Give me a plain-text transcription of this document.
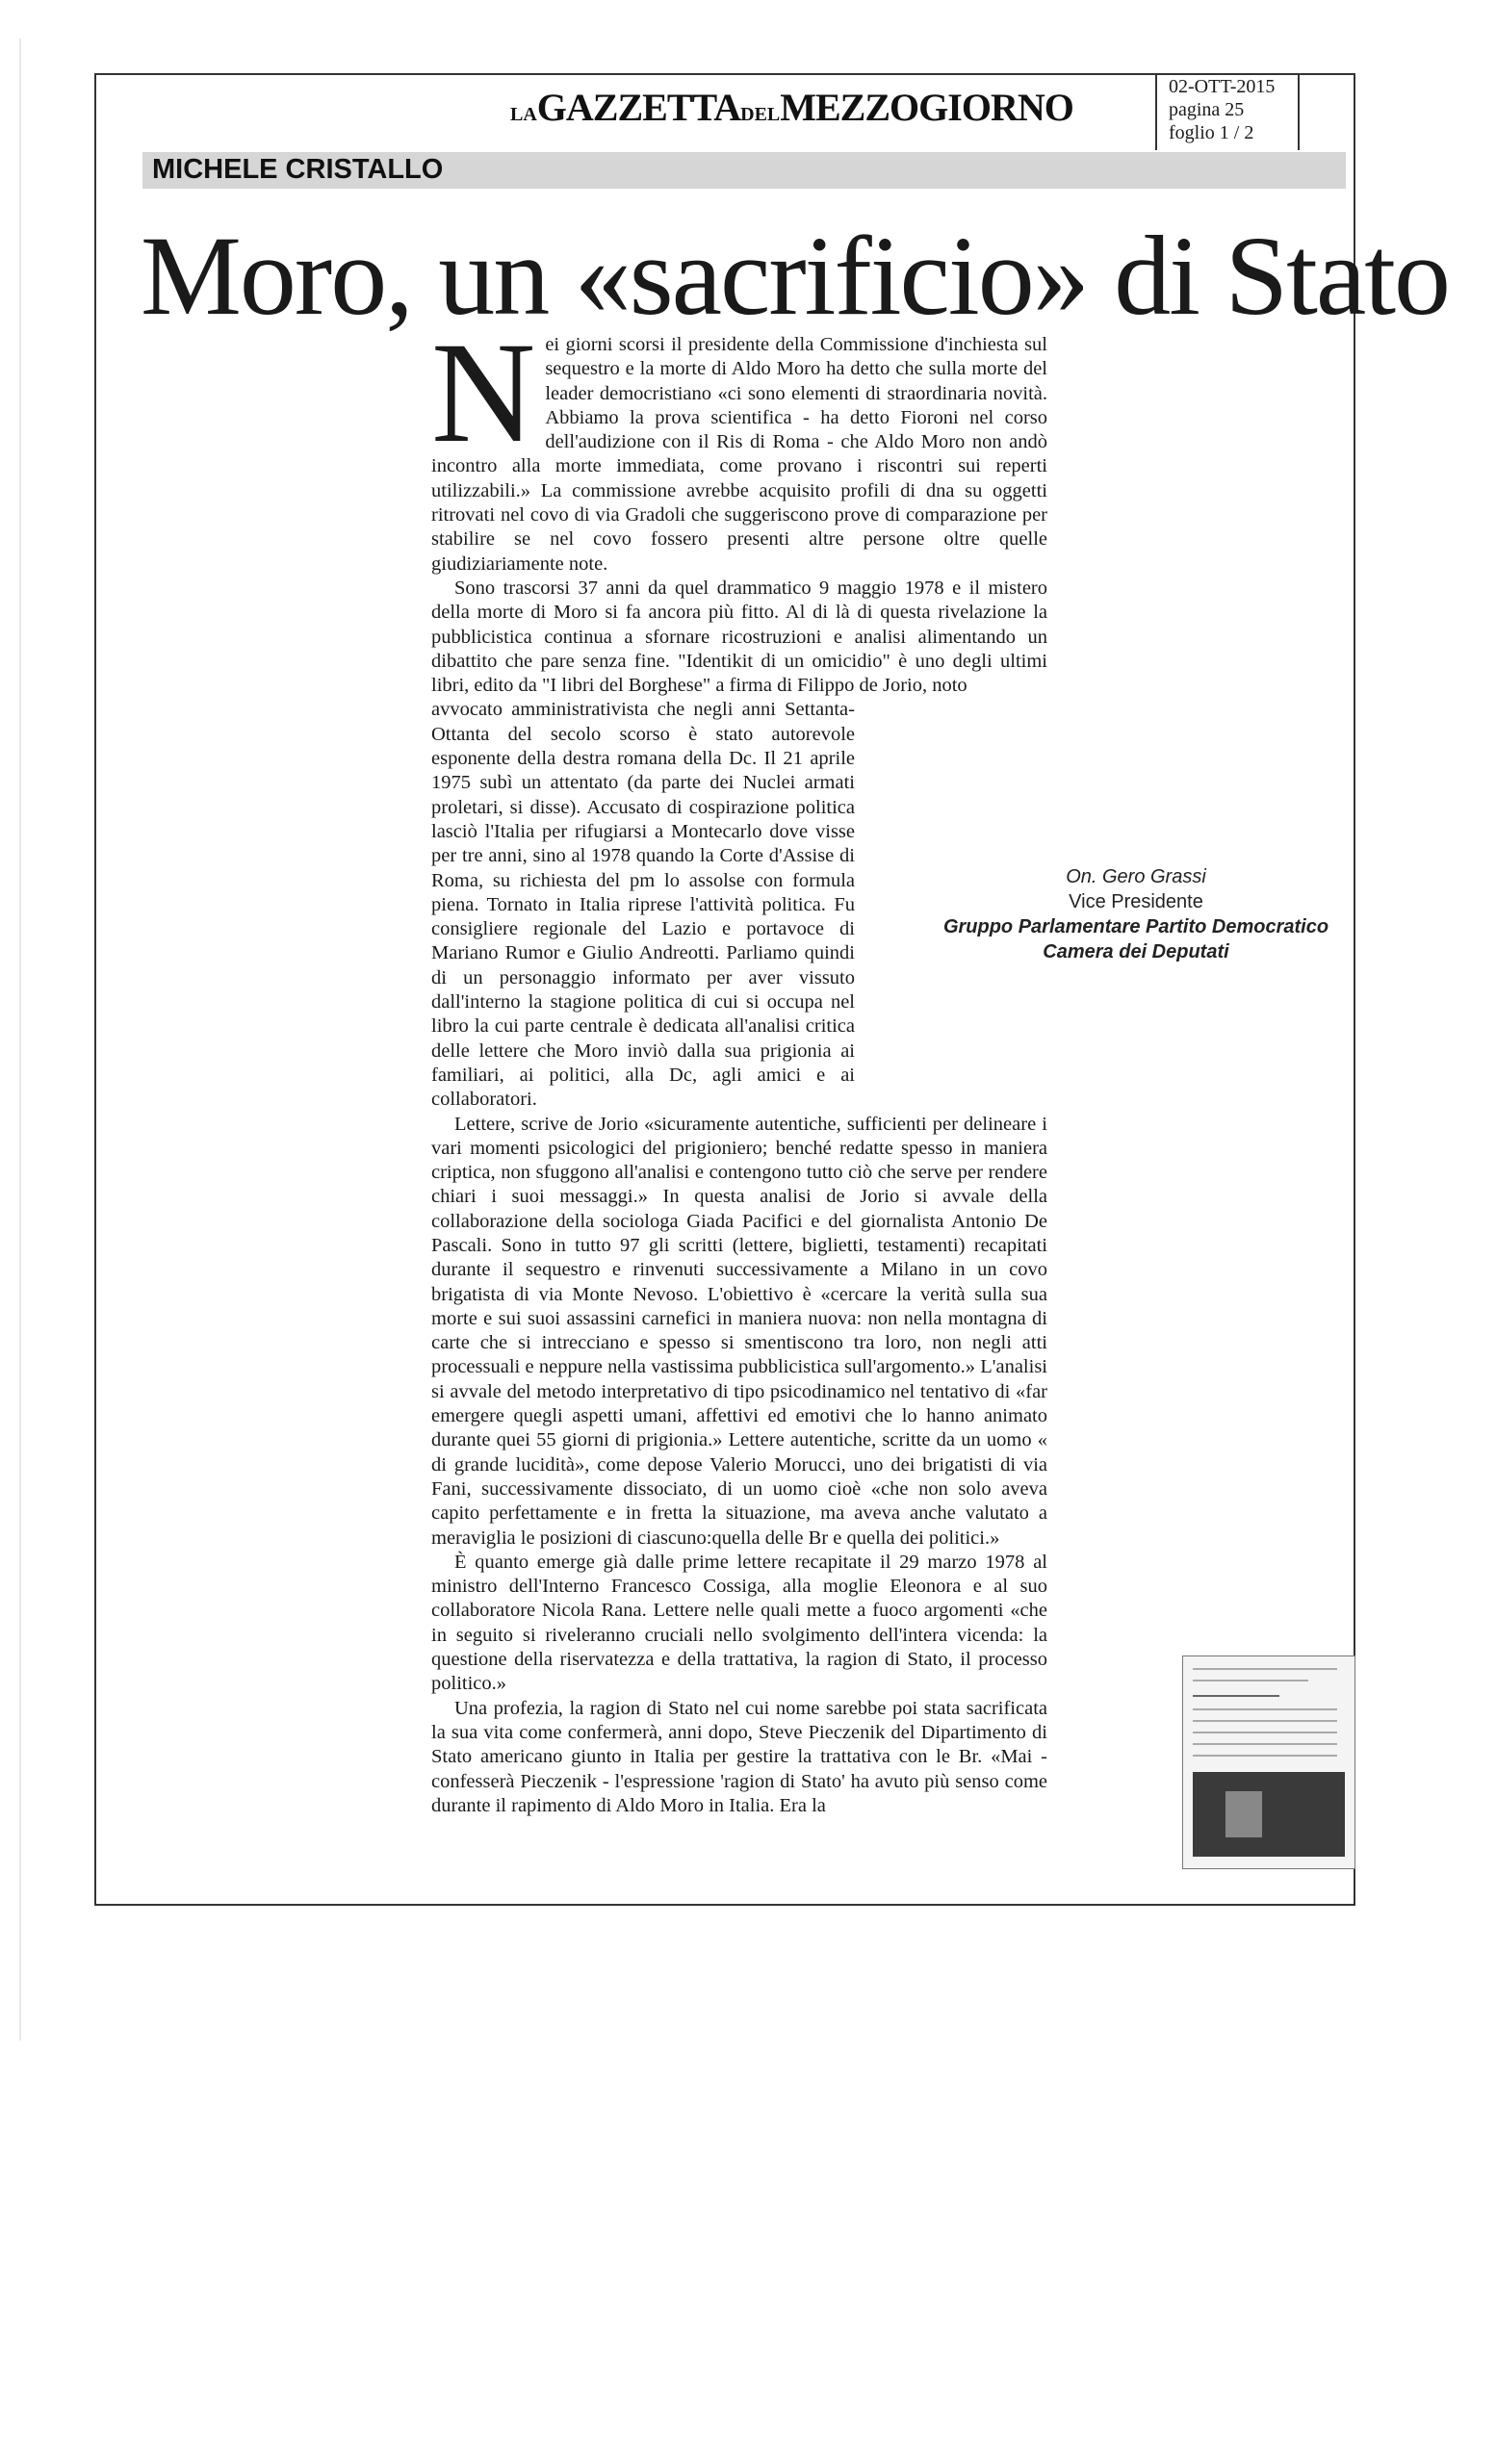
LAGAZZETTADELMEZZOGIORNO	02-OTT-2015
pagina 25
foglio 1 / 2
MICHELE CRISTALLO
Moro, un «sacrificio» di Stato

Nei giorni scorsi il presidente della Commissione d'inchiesta sul sequestro e la morte di Aldo Moro ha detto che sulla morte del leader democristiano «ci sono elementi di straordinaria novità. Abbiamo la prova scientifica - ha detto Fioroni nel corso dell'audizione con il Ris di Roma - che Aldo Moro non andò incontro alla morte immediata, come provano i riscontri sui reperti utilizzabili.» La commissione avrebbe acquisito profili di dna su oggetti ritrovati nel covo di via Gradoli che suggeriscono prove di comparazione per stabilire se nel covo fossero presenti altre persone oltre quelle giudiziariamente note.

Sono trascorsi 37 anni da quel drammatico 9 maggio 1978 e il mistero della morte di Moro si fa ancora più fitto. Al di là di questa rivelazione la pubblicistica continua a sfornare ricostruzioni e analisi alimentando un dibattito che pare senza fine. "Identikit di un omicidio" è uno degli ultimi libri, edito da "I libri del Borghese" a firma di Filippo de Jorio, noto

avvocato amministrativista che negli anni Settanta-Ottanta del secolo scorso è stato autorevole esponente della destra romana della Dc. Il 21 aprile 1975 subì un attentato (da parte dei Nuclei armati proletari, si disse). Accusato di cospirazione politica lasciò l'Italia per rifugiarsi a Montecarlo dove visse per tre anni, sino al 1978 quando la Corte d'Assise di Roma, su richiesta del pm lo assolse con formula piena. Tornato in Italia riprese l'attività politica. Fu consigliere regionale del Lazio e portavoce di Mariano Rumor e Giulio Andreotti. Parliamo quindi di un personaggio informato per aver vissuto dall'interno la stagione politica di cui si occupa nel libro la cui parte centrale è dedicata all'analisi critica delle lettere che Moro inviò dalla sua prigionia ai familiari, ai politici, alla Dc, agli amici e ai collaboratori.

Lettere, scrive de Jorio «sicuramente autentiche, sufficienti per delineare i vari momenti psicologici del prigioniero; benché redatte spesso in maniera criptica, non sfuggono all'analisi e contengono tutto ciò che serve per rendere chiari i suoi messaggi.» In questa analisi de Jorio si avvale della collaborazione della sociologa Giada Pacifici e del giornalista Antonio De Pascali. Sono in tutto 97 gli scritti (lettere, biglietti, testamenti) recapitati durante il sequestro e rinvenuti successivamente a Milano in un covo brigatista di via Monte Nevoso. L'obiettivo è «cercare la verità sulla sua morte e sui suoi assassini carnefici in maniera nuova: non nella montagna di carte che si intrecciano e spesso si smentiscono tra loro, non negli atti processuali e neppure nella vastissima pubblicistica sull'argomento.» L'analisi si avvale del metodo interpretativo di tipo psicodinamico nel tentativo di «far emergere quegli aspetti umani, affettivi ed emotivi che lo hanno animato durante quei 55 giorni di prigionia.» Lettere autentiche, scritte da un uomo « di grande lucidità», come depose Valerio Morucci, uno dei brigatisti di via Fani, successivamente dissociato, di un uomo cioè «che non solo aveva capito perfettamente e in fretta la situazione, ma aveva anche valutato a meraviglia le posizioni di ciascuno:quella delle Br e quella dei politici.»

È quanto emerge già dalle prime lettere recapitate il 29 marzo 1978 al ministro dell'Interno Francesco Cossiga, alla moglie Eleonora e al suo collaboratore Nicola Rana. Lettere nelle quali mette a fuoco argomenti «che in seguito si riveleranno cruciali nello svolgimento dell'intera vicenda: la questione della riservatezza e della trattativa, la ragion di Stato, il processo politico.»

Una profezia, la ragion di Stato nel cui nome sarebbe poi stata sacrificata la sua vita come confermerà, anni dopo, Steve Pieczenik del Dipartimento di Stato americano giunto in Italia per gestire la trattativa con le Br. «Mai - confesserà Pieczenik - l'espressione 'ragion di Stato' ha avuto più senso come durante il rapimento di Aldo Moro in Italia. Era la

On. Gero Grassi
Vice Presidente
Gruppo Parlamentare Partito Democratico
Camera dei Deputati
